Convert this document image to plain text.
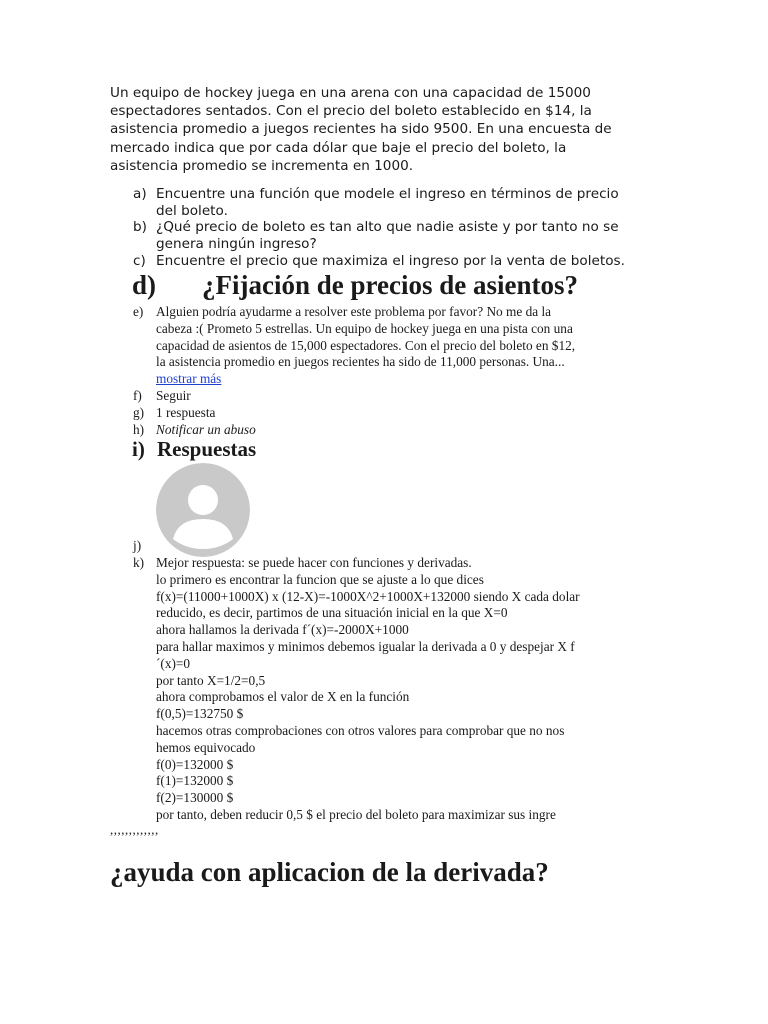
Un equipo de hockey juega en una arena con una capacidad de 15000
espectadores sentados. Con el precio del boleto establecido en $14, la
asistencia promedio a juegos recientes ha sido 9500. En una encuesta de
mercado indica que por cada dólar que baje el precio del boleto, la
asistencia promedio se incrementa en 1000.
a) Encuentre una función que modele el ingreso en términos de precio
del boleto.
b) ¿Qué precio de boleto es tan alto que nadie asiste y por tanto no se
genera ningún ingreso?
c) Encuentre el precio que maximiza el ingreso por la venta de boletos.
d) ¿Fijación de precios de asientos?
e) Alguien podría ayudarme a resolver este problema por favor? No me da la
cabeza :( Prometo 5 estrellas. Un equipo de hockey juega en una pista con una
capacidad de asientos de 15,000 espectadores. Con el precio del boleto en $12,
la asistencia promedio en juegos recientes ha sido de 11,000 personas. Una...
mostrar más
f) Seguir
g) 1 respuesta
h) Notificar un abuso
i) Respuestas
j)
k) Mejor respuesta: se puede hacer con funciones y derivadas.
lo primero es encontrar la funcion que se ajuste a lo que dices
f(x)=(11000+1000X) x (12-X)=-1000X^2+1000X+132000 siendo X cada dolar
reducido, es decir, partimos de una situación inicial en la que X=0
ahora hallamos la derivada f´(x)=-2000X+1000
para hallar maximos y minimos debemos igualar la derivada a 0 y despejar X f
´(x)=0
por tanto X=1/2=0,5
ahora comprobamos el valor de X en la función
f(0,5)=132750 $
hacemos otras comprobaciones con otros valores para comprobar que no nos
hemos equivocado
f(0)=132000 $
f(1)=132000 $
f(2)=130000 $
por tanto, deben reducir 0,5 $ el precio del boleto para maximizar sus ingre
,,,,,,,,,,,,,
¿ayuda con aplicacion de la derivada?
